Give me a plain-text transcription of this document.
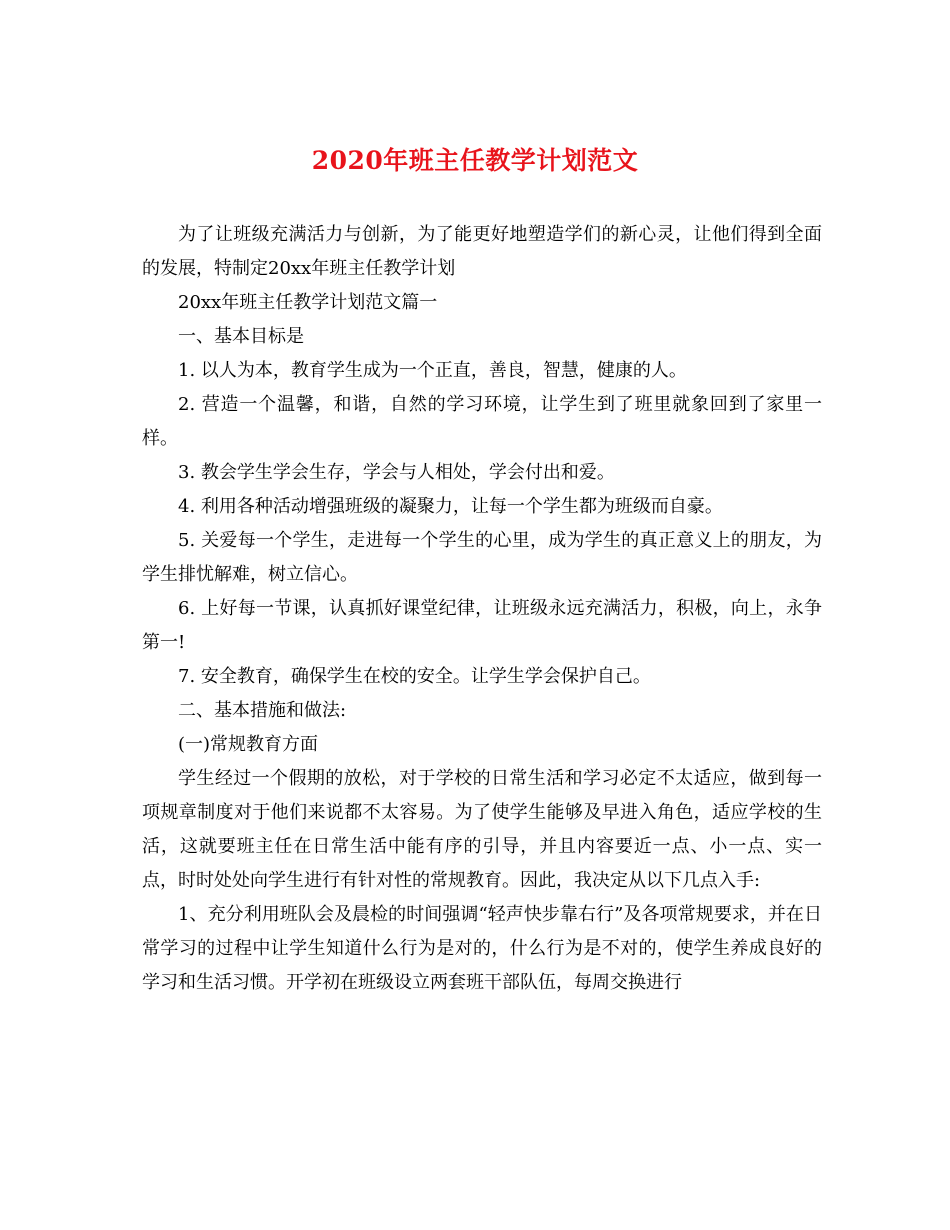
2020年班主任教学计划范文

为了让班级充满活力与创新，为了能更好地塑造学们的新心灵，让他们得到全面的发展，特制定20xx年班主任教学计划

20xx年班主任教学计划范文篇一

一、基本目标是

1. 以人为本，教育学生成为一个正直，善良，智慧，健康的人。

2. 营造一个温馨，和谐，自然的学习环境，让学生到了班里就象回到了家里一样。

3. 教会学生学会生存，学会与人相处，学会付出和爱。

4. 利用各种活动增强班级的凝聚力，让每一个学生都为班级而自豪。

5. 关爱每一个学生，走进每一个学生的心里，成为学生的真正意义上的朋友，为学生排忧解难，树立信心。

6. 上好每一节课，认真抓好课堂纪律，让班级永远充满活力，积极，向上，永争第一!

7. 安全教育，确保学生在校的安全。让学生学会保护自己。

二、基本措施和做法:

(一)常规教育方面

学生经过一个假期的放松，对于学校的日常生活和学习必定不太适应，做到每一项规章制度对于他们来说都不太容易。为了使学生能够及早进入角色，适应学校的生活，这就要班主任在日常生活中能有序的引导，并且内容要近一点、小一点、实一点，时时处处向学生进行有针对性的常规教育。因此，我决定从以下几点入手:

1、充分利用班队会及晨检的时间强调“轻声快步靠右行”及各项常规要求，并在日常学习的过程中让学生知道什么行为是对的，什么行为是不对的，使学生养成良好的学习和生活习惯。开学初在班级设立两套班干部队伍，每周交换进行
